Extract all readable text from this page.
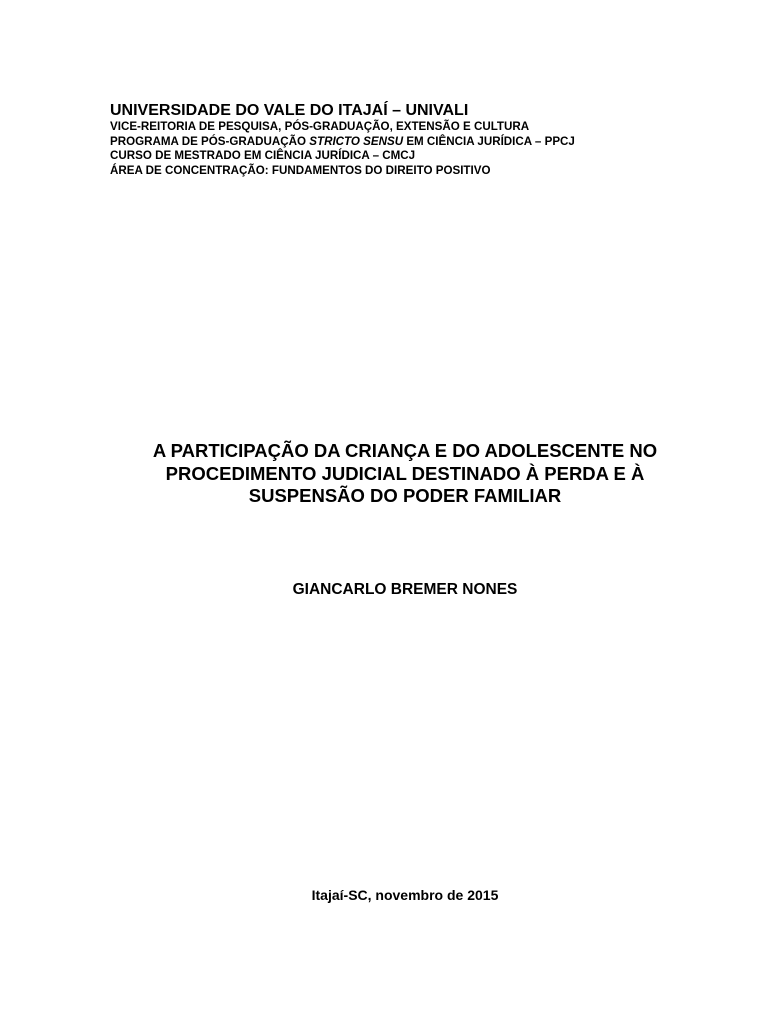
UNIVERSIDADE DO VALE DO ITAJAÍ – UNIVALI
VICE-REITORIA DE PESQUISA, PÓS-GRADUAÇÃO, EXTENSÃO E CULTURA
PROGRAMA DE PÓS-GRADUAÇÃO STRICTO SENSU EM CIÊNCIA JURÍDICA – PPCJ
CURSO DE MESTRADO EM CIÊNCIA JURÍDICA – CMCJ
ÁREA DE CONCENTRAÇÃO: FUNDAMENTOS DO DIREITO POSITIVO
A PARTICIPAÇÃO DA CRIANÇA E DO ADOLESCENTE NO
PROCEDIMENTO JUDICIAL DESTINADO À PERDA E À
SUSPENSÃO DO PODER FAMILIAR
GIANCARLO BREMER NONES
Itajaí-SC, novembro de 2015
